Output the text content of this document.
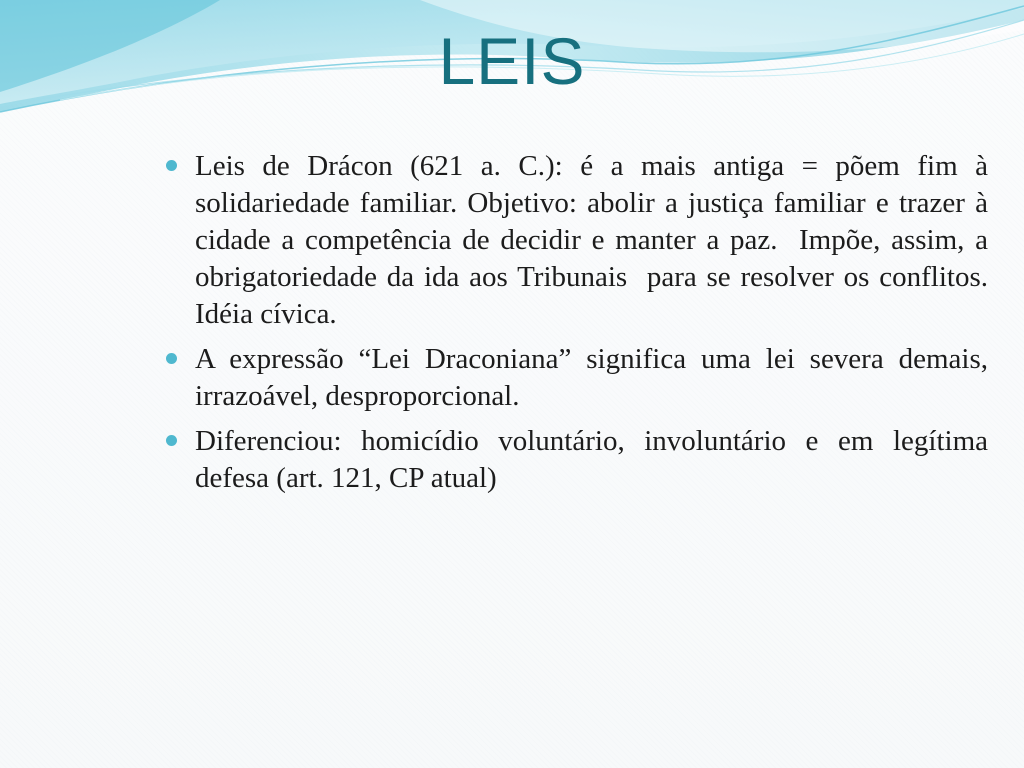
LEIS
Leis de Drácon (621 a. C.): é a mais antiga = põem fim à solidariedade familiar. Objetivo: abolir a justiça familiar e trazer à cidade a competência de decidir e manter a paz.  Impõe, assim, a obrigatoriedade da ida aos Tribunais  para se resolver os conflitos. Idéia cívica.
A expressão “Lei Draconiana” significa uma lei severa demais, irrazoável, desproporcional.
Diferenciou: homicídio voluntário, involuntário e em legítima defesa (art. 121, CP atual)
